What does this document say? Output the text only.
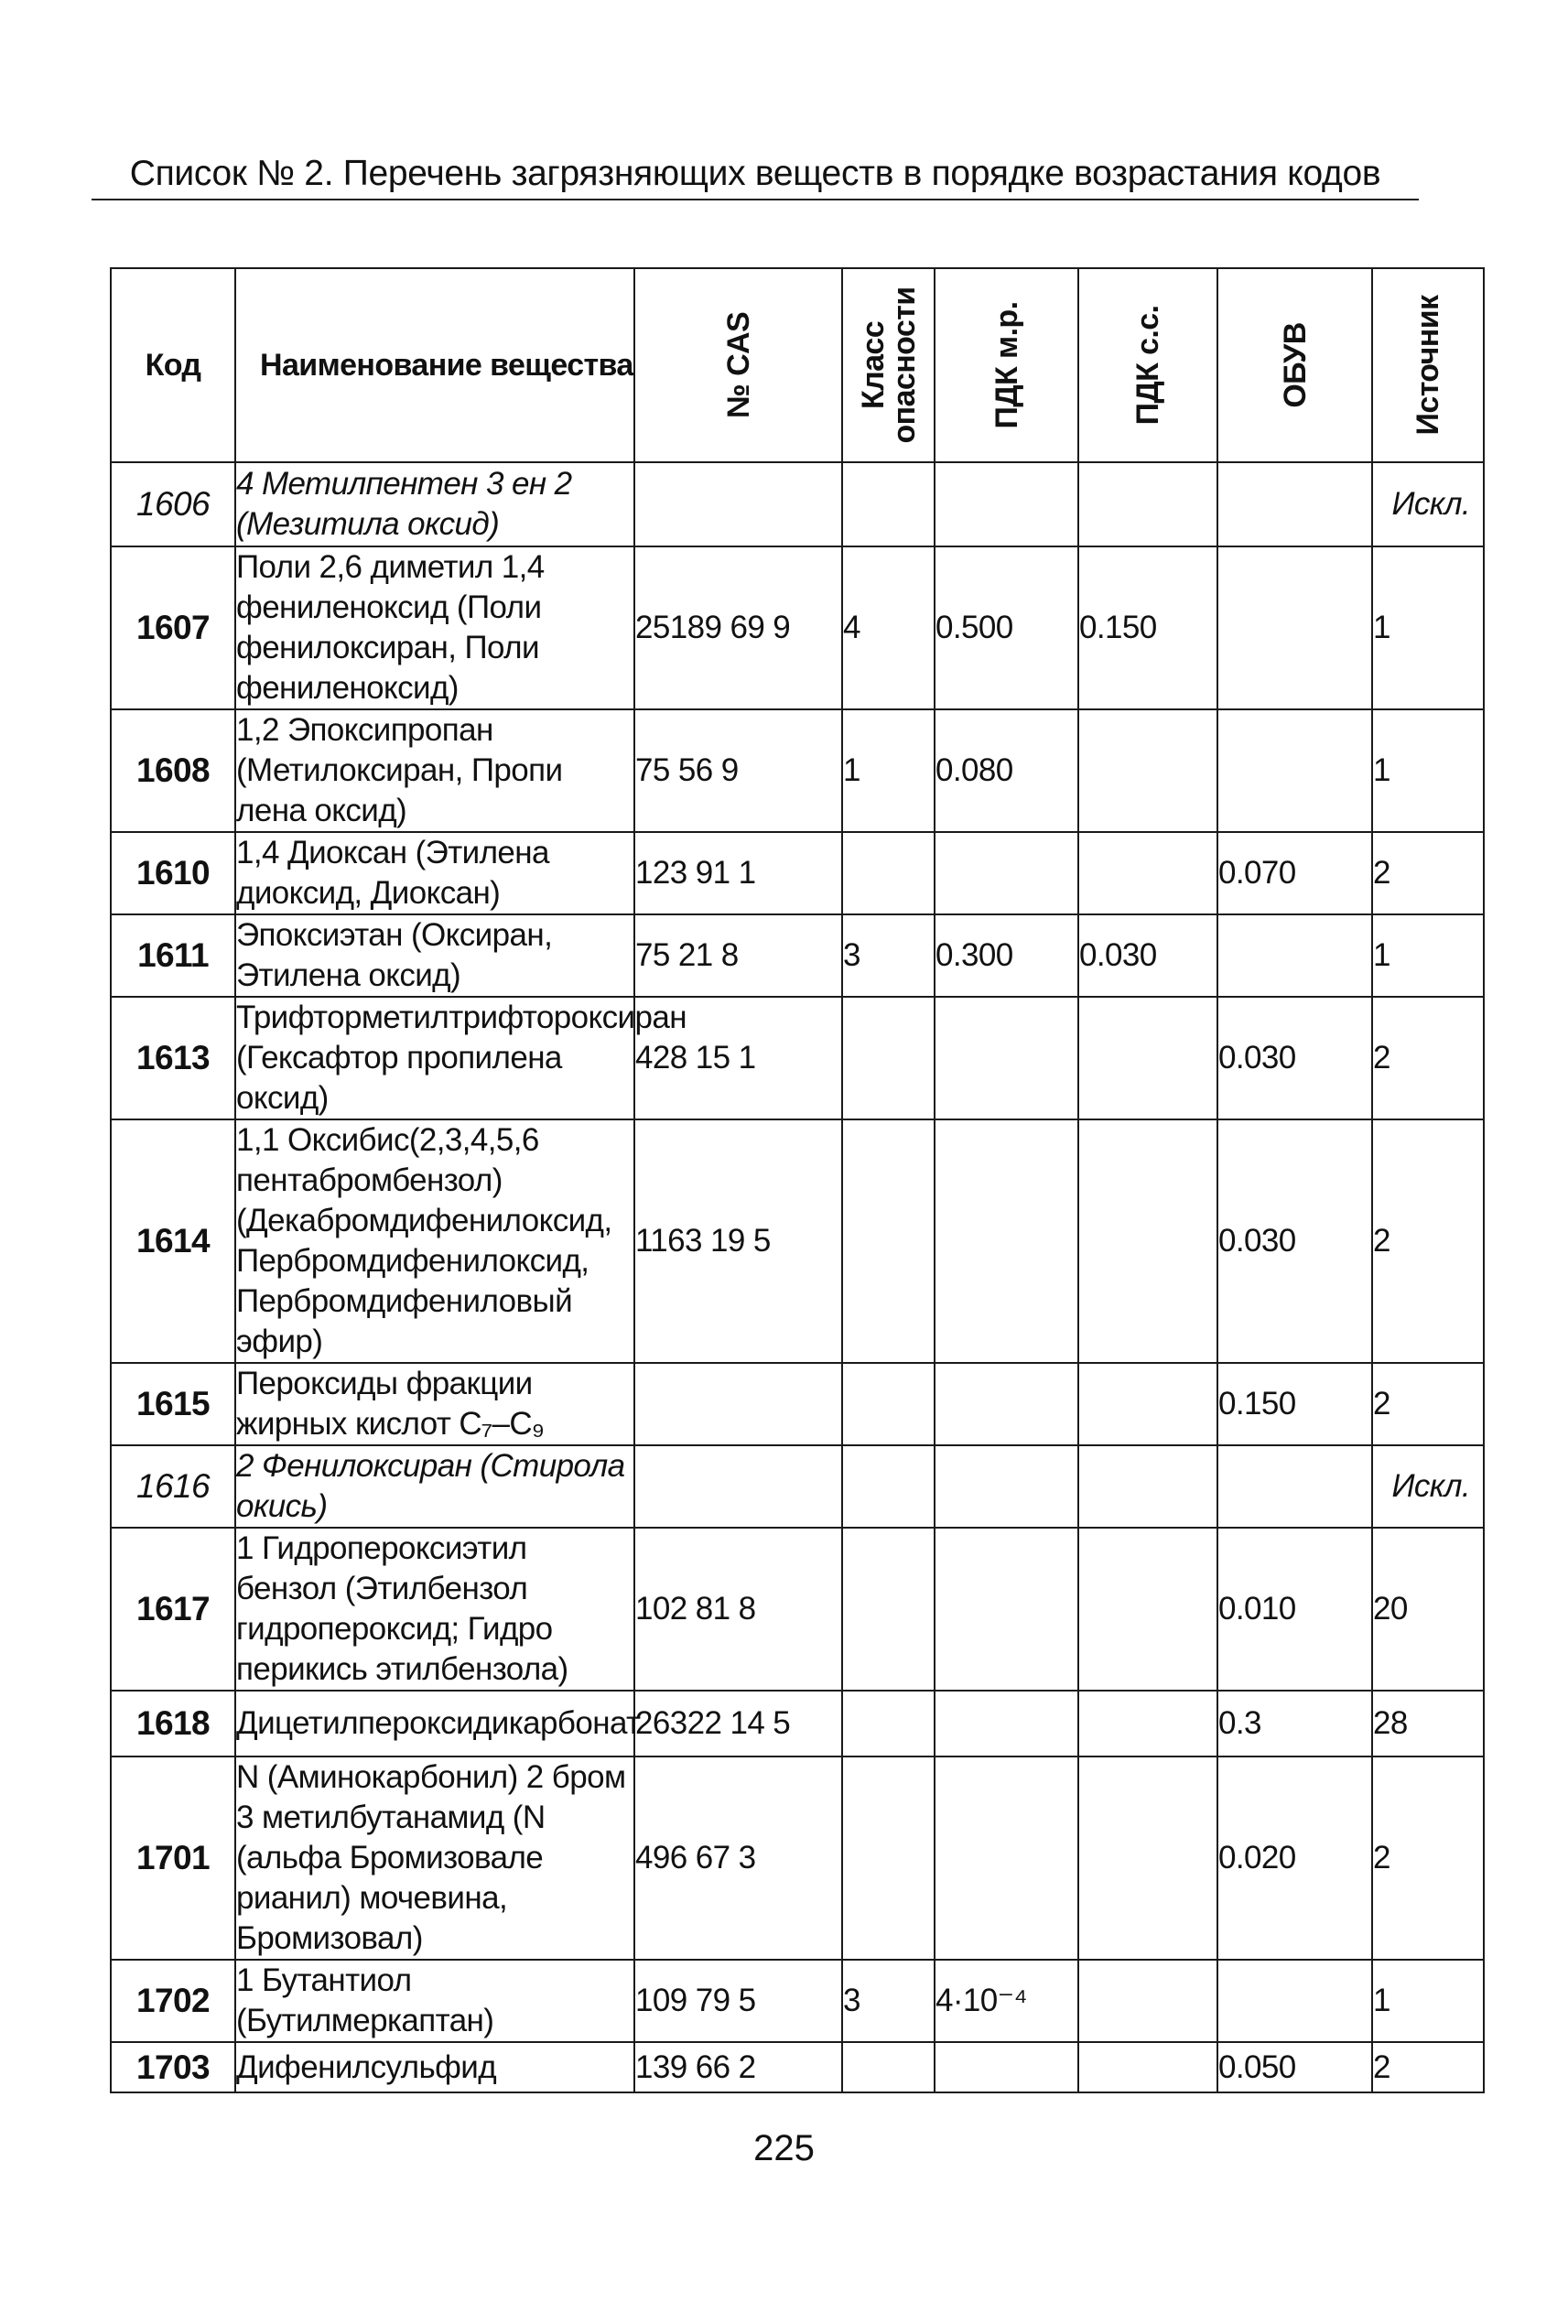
Список № 2. Перечень загрязняющих веществ в порядке возрастания кодов
Код	Наименование вещества	№ CAS	Класс опасности	ПДК м.р.	ПДК с.с.	ОБУВ	Источник

1606	4 Метилпентен 3 ен 2 (Мезитила оксид)						Искл.
1607	Поли 2,6 диметил 1,4 фениленоксид (Поли фенилоксиран, Поли фениленоксид)	25189 69 9	4	0.500	0.150		1
1608	1,2 Эпоксипропан (Метилоксиран, Пропи лена оксид)	75 56 9	1	0.080			1
1610	1,4 Диоксан (Этилена диоксид, Диоксан)	123 91 1				0.070	2
1611	Эпоксиэтан (Оксиран, Этилена оксид)	75 21 8	3	0.300	0.030		1
1613	Трифторметилтрифтороксиран (Гексафтор пропилена оксид)	428 15 1				0.030	2
1614	1,1 Оксибис(2,3,4,5,6 пентабромбензол) (Декабромдифенилоксид, Пербромдифенилоксид, Пербромдифениловый эфир)	1163 19 5				0.030	2
1615	Пероксиды фракции жирных кислот C₇–C₉					0.150	2
1616	2 Фенилоксиран (Стирола окись)						Искл.
1617	1 Гидропероксиэтил бензол (Этилбензол гидропероксид; Гидро перикись этилбензола)	102 81 8				0.010	20
1618	Дицетилпероксидикарбонат	26322 14 5				0.3	28
1701	N (Аминокарбонил) 2 бром 3 метилбутанамид (N (альфа Бромизовале рианил) мочевина, Бромизовал)	496 67 3				0.020	2
1702	1 Бутантиол (Бутилмеркаптан)	109 79 5	3	4·10⁻⁴			1
1703	Дифенилсульфид	139 66 2				0.050	2
225
